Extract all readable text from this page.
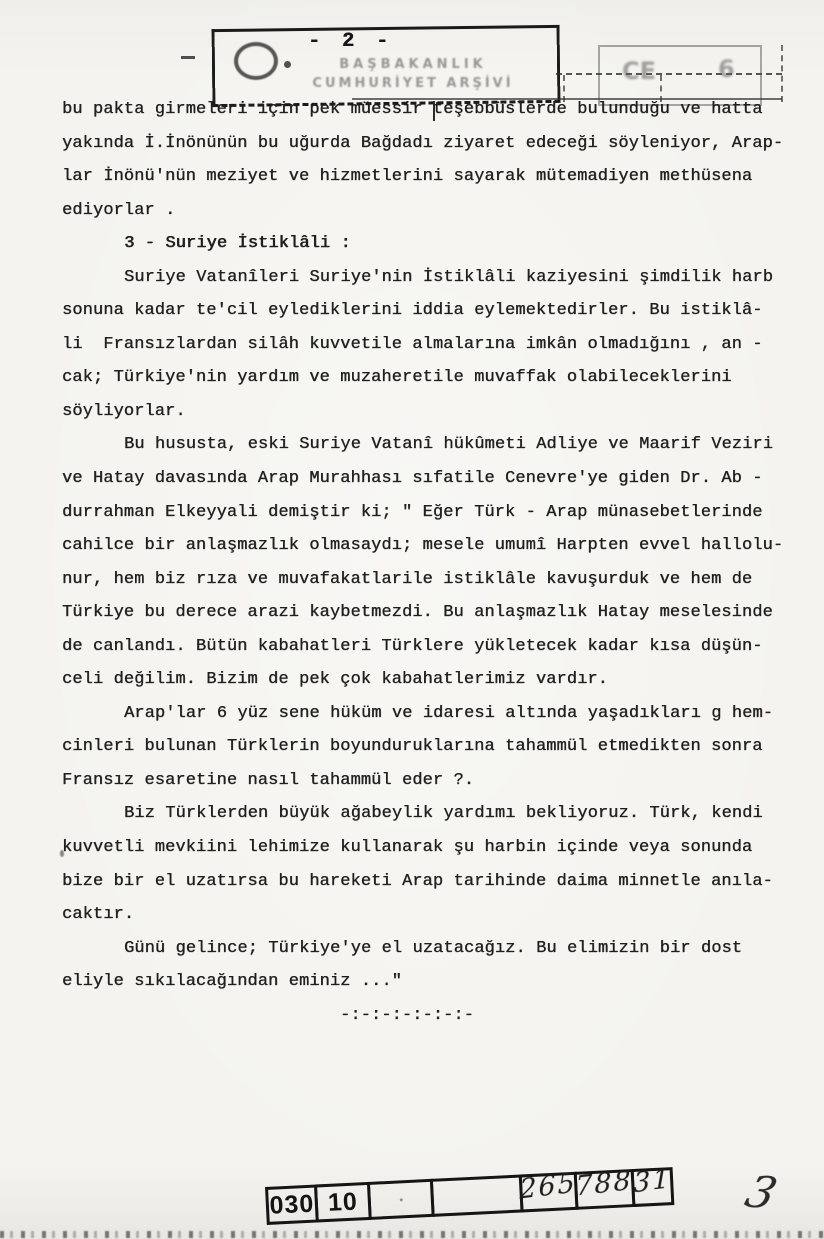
- 2 -
BAŞBAKANLIK
CUMHURİYET ARŞİVİ	CE	6
bu pakta girmeleri için pek müessir teşebbüslerde bulunduğu ve hatta
yakında İ.İnönünün bu uğurda Bağdadı ziyaret edeceği söyleniyor, Arap-
lar İnönü'nün meziyet ve hizmetlerini sayarak mütemadiyen methüsena
ediyorlar .
3 - Suriye İstiklâli :
Suriye Vatanîleri Suriye'nin İstiklâli kaziyesini şimdilik harb
sonuna kadar te'cil eylediklerini iddia eylemektedirler. Bu istiklâ-
li  Fransızlardan silâh kuvvetile almalarına imkân olmadığını , an -
cak; Türkiye'nin yardım ve muzaheretile muvaffak olabileceklerini
söyliyorlar.
Bu hususta, eski Suriye Vatanî hükûmeti Adliye ve Maarif Veziri
ve Hatay davasında Arap Murahhası sıfatile Cenevre'ye giden Dr. Ab -
durrahman Elkeyyali demiştir ki; " Eğer Türk - Arap münasebetlerinde
cahilce bir anlaşmazlık olmasaydı; mesele umumî Harpten evvel hallolu-
nur, hem biz rıza ve muvafakatlarile istiklâle kavuşurduk ve hem de
Türkiye bu derece arazi kaybetmezdi. Bu anlaşmazlık Hatay meselesinde
de canlandı. Bütün kabahatleri Türklere yükletecek kadar kısa düşün-
celi değilim. Bizim de pek çok kabahatlerimiz vardır.
Arap'lar 6 yüz sene hüküm ve idaresi altında yaşadıkları g hem-
cinleri bulunan Türklerin boyunduruklarına tahammül etmedikten sonra
Fransız esaretine nasıl tahammül eder ?.
Biz Türklerden büyük ağabeylik yardımı bekliyoruz. Türk, kendi
kuvvetli mevkiini lehimize kullanarak şu harbin içinde veya sonunda
bize bir el uzatırsa bu hareketi Arap tarihinde daima minnetle anıla-
caktır.
Günü gelince; Türkiye'ye el uzatacağız. Bu elimizin bir dost
eliyle sıkılacağından eminiz ..."
-:-:-:-:-:-:-
030 10	265
788 31 3
